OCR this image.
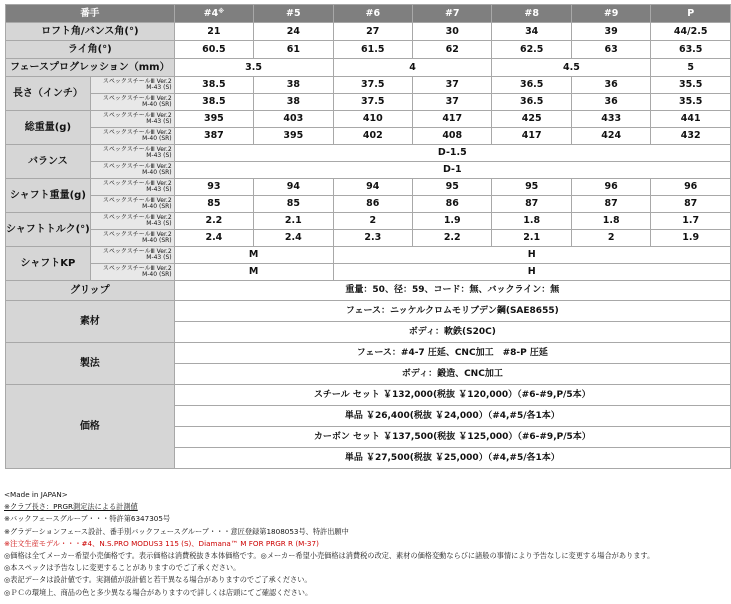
番手		#4※	#5	#6	#7	#8	#9	P
ロフト角/バンス角(°)		21	24	27	30	34	39	44/2.5
ライ角(°)		60.5	61	61.5	62	62.5	63	63.5
フェースプログレッション（mm）		3.5		4		4.5		5
長さ（インチ）	スペックスチールⅢ Ver.2
M-43 (S)	38.5	38	37.5	37	36.5	36	35.5
	スペックスチールⅢ Ver.2
M-40 (SR)	38.5	38	37.5	37	36.5	36	35.5
総重量(g)	スペックスチールⅢ Ver.2
M-43 (S)	395	403	410	417	425	433	441
	スペックスチールⅢ Ver.2
M-40 (SR)	387	395	402	408	417	424	432
バランス	スペックスチールⅢ Ver.2
M-43 (S)	D-1.5						
	スペックスチールⅢ Ver.2
M-40 (SR)	D-1						
シャフト重量(g)	スペックスチールⅢ Ver.2
M-43 (S)	93	94	94	95	95	96	96
	スペックスチールⅢ Ver.2
M-40 (SR)	85	85	86	86	87	87	87
シャフトトルク(°)	スペックスチールⅢ Ver.2
M-43 (S)	2.2	2.1	2	1.9	1.8	1.8	1.7
	スペックスチールⅢ Ver.2
M-40 (SR)	2.4	2.4	2.3	2.2	2.1	2	1.9
シャフトKP	スペックスチールⅢ Ver.2
M-43 (S)	M		H				
	スペックスチールⅢ Ver.2
M-40 (SR)	M		H				
グリップ		重量：50、径：59、コード：無、バックライン：無						
素材		フェース：ニッケルクロムモリブデン鋼(SAE8655)						
		ボディ：軟鉄(S20C)						
製法		フェース：#4-7 圧延、CNC加工　#8-P 圧延						
		ボディ：鍛造、CNC加工						
価格		スチール セット ￥132,000(税抜 ￥120,000）（#6-#9,P/5本）						
		単品 ￥26,400(税抜 ￥24,000）（#4,#5/各1本）						
		カーボン セット ￥137,500(税抜 ￥125,000）（#6-#9,P/5本）						
		単品 ￥27,500(税抜 ￥25,000）（#4,#5/各1本）						
<Made in JAPAN>
※クラブ長さ：PRGR測定法による計測値
※バックフェースグルーブ・・・特許第6347305号
※グラデーションフェース設計、番手別バックフェースグルーブ・・・意匠登録第1808053号、特許出願中
※注文生産モデル・・・#4、N.S.PRO MODUS3 115 (S)、Diamana™ M FOR PRGR R (M-37)
◎価格は全てメーカー希望小売価格です。表示価格は消費税抜き本体価格です。◎メーカー希望小売価格は消費税の改定、素材の価格変動ならびに諸般の事情により予告なしに変更する場合があります。
◎本スペックは予告なしに変更することがありますのでご了承ください。
◎表記データは設計値です。実測値が設計値と若干異なる場合がありますのでご了承ください。
◎ＰＣの環境上、商品の色と多少異なる場合がありますので詳しくは店頭にてご確認ください。
